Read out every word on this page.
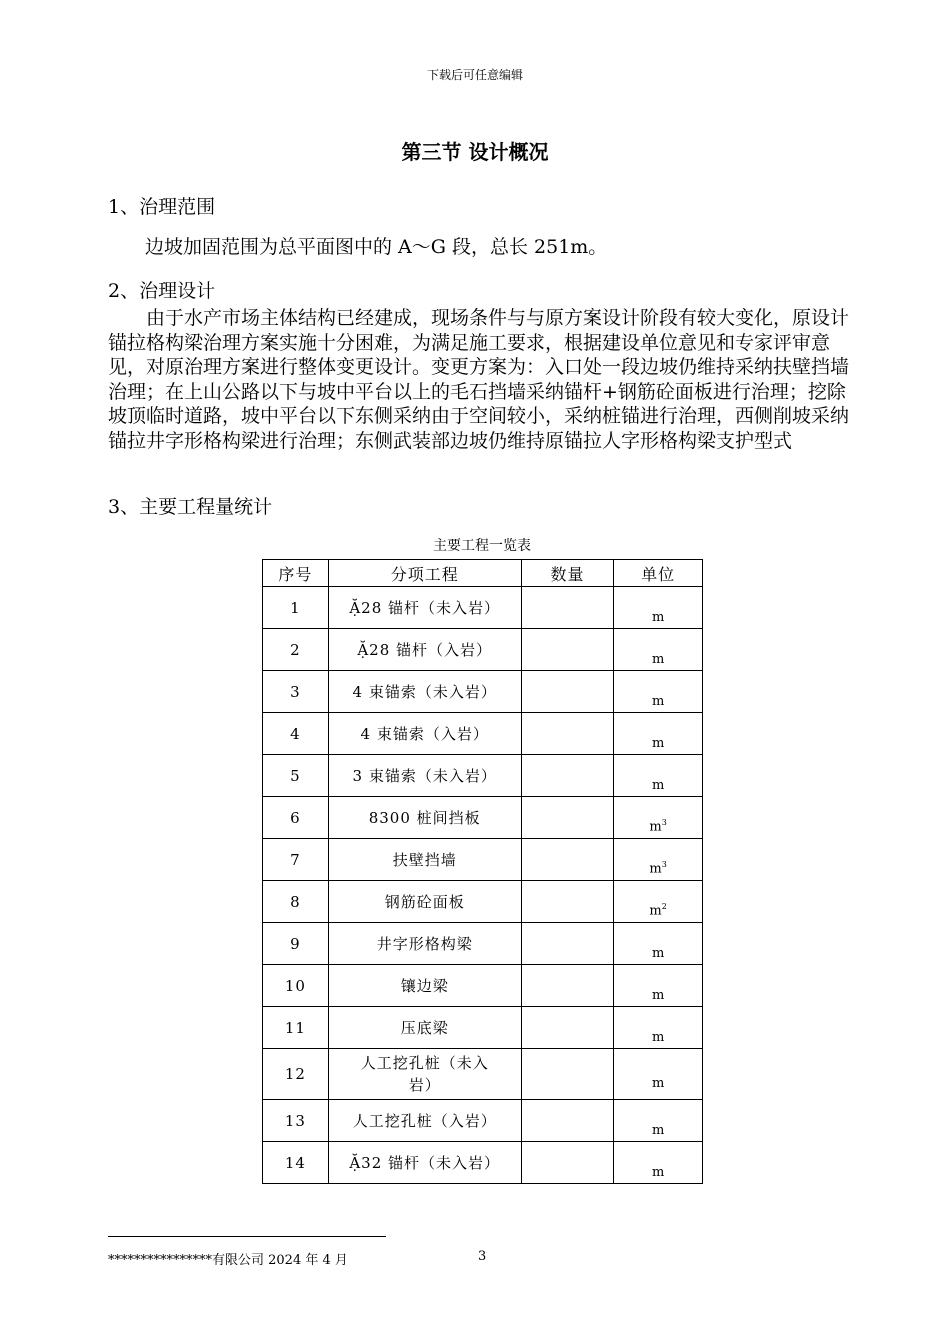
下载后可任意编辑
第三节 设计概况
1、治理范围
边坡加固范围为总平面图中的 A～G 段，总长 251m。
2、治理设计
由于水产市场主体结构已经建成，现场条件与与原方案设计阶段有较大变化，原设计锚拉格构梁治理方案实施十分困难，为满足施工要求，根据建设单位意见和专家评审意见，对原治理方案进行整体变更设计。变更方案为：入口处一段边坡仍维持采纳扶壁挡墙治理；在上山公路以下与坡中平台以上的毛石挡墙采纳锚杆+钢筋砼面板进行治理；挖除坡顶临时道路，坡中平台以下东侧采纳由于空间较小，采纳桩锚进行治理，西侧削坡采纳锚拉井字形格构梁进行治理；东侧武装部边坡仍维持原锚拉人字形格构梁支护型式
3、主要工程量统计
主要工程一览表
序号	分项工程	数量	单位
1	Ặ28 锚杆（未入岩）		m
2	Ặ28 锚杆（入岩）		m
3	4 束锚索（未入岩）		m
4	4 束锚索（入岩）		m
5	3 束锚索（未入岩）		m
6	8300 桩间挡板		$m^3$
7	扶壁挡墙		$m^3$
8	钢筋砼面板		$m^2$
9	井字形格构梁		m
10	镶边梁		m
11	压底梁		m
12	人工挖孔桩（未入岩）		m
13	人工挖孔桩（入岩）		m
14	Ặ32 锚杆（未入岩）		m
****************有限公司 2024 年 4 月	3
